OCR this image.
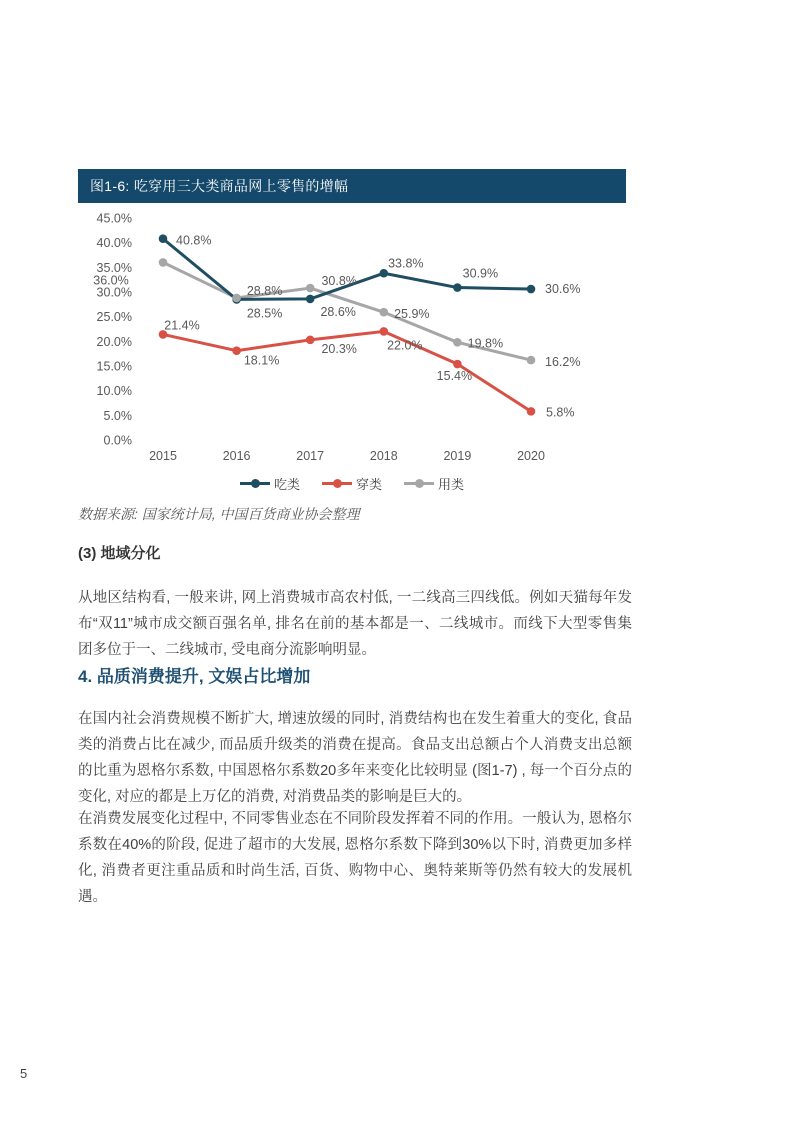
图1-6: 吃穿用三大类商品网上零售的增幅
45.0%
40.0%
35.0%
30.0%
25.0%
20.0%
15.0%
10.0%
5.0%
0.0%
2015	2016	2017	2018	2019	2020
40.8%
28.5%	28.6%
33.8%
30.9%
30.6%
21.4%
18.1%
20.3% 22.0%
15.4%
5.8%
36.0%
28.8%
30.8%
25.9%
19.8%
16.2%
吃类	穿类	用类
数据来源: 国家统计局, 中国百货商业协会整理
(3) 地域分化

从地区结构看, 一般来讲, 网上消费城市高农村低, 一二线高三四线低。例如天猫每年发布“双11”城市成交额百强名单, 排名在前的基本都是一、二线城市。而线下大型零售集团多位于一、二线城市, 受电商分流影响明显。

4. 品质消费提升, 文娱占比增加

在国内社会消费规模不断扩大, 增速放缓的同时, 消费结构也在发生着重大的变化, 食品类的消费占比在减少, 而品质升级类的消费在提高。食品支出总额占个人消费支出总额的比重为恩格尔系数, 中国恩格尔系数20多年来变化比较明显 (图1-7) , 每一个百分点的变化, 对应的都是上万亿的消费, 对消费品类的影响是巨大的。

在消费发展变化过程中, 不同零售业态在不同阶段发挥着不同的作用。一般认为, 恩格尔系数在40%的阶段, 促进了超市的大发展, 恩格尔系数下降到30%以下时, 消费更加多样化, 消费者更注重品质和时尚生活, 百货、购物中心、奥特莱斯等仍然有较大的发展机遇。

5
